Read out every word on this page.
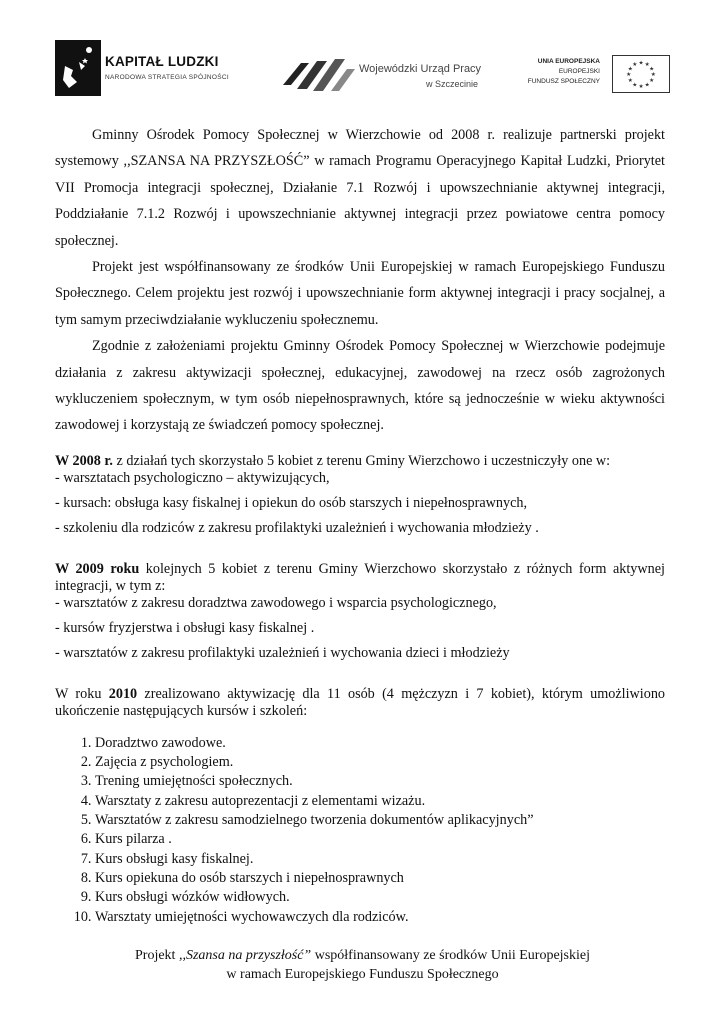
KAPITAŁ LUDZKI
NARODOWA STRATEGIA SPÓJNOŚCI
Wojewódzki Urząd Pracy
w Szczecinie
UNIA EUROPEJSKA
EUROPEJSKI
FUNDUSZ SPOŁECZNY
★ ★
★
★
★
★
★
★
★
★
★
★

Gminny Ośrodek Pomocy Społecznej w Wierzchowie od 2008 r. realizuje partnerski projekt systemowy ,,SZANSA NA PRZYSZŁOŚĆ” w ramach Programu Operacyjnego Kapitał Ludzki, Priorytet VII Promocja integracji społecznej, Działanie 7.1 Rozwój i upowszechnianie aktywnej integracji, Poddziałanie 7.1.2 Rozwój i upowszechnianie aktywnej integracji przez powiatowe centra pomocy społecznej.

Projekt jest współfinansowany ze środków Unii Europejskiej w ramach Europejskiego Funduszu Społecznego. Celem projektu jest rozwój i upowszechnianie form aktywnej integracji i pracy socjalnej, a tym samym przeciwdziałanie wykluczeniu społecznemu.

Zgodnie z założeniami projektu Gminny Ośrodek Pomocy Społecznej w Wierzchowie podejmuje działania z zakresu aktywizacji społecznej, edukacyjnej, zawodowej na rzecz osób zagrożonych wykluczeniem społecznym, w tym osób niepełnosprawnych, które są jednocześnie w wieku aktywności zawodowej i korzystają ze świadczeń pomocy społecznej.

W 2008 r. z działań tych skorzystało 5 kobiet z terenu Gminy Wierzchowo i uczestniczyły one w:

- warsztatach psychologiczno – aktywizujących,

- kursach: obsługa kasy fiskalnej i opiekun do osób starszych i niepełnosprawnych,

- szkoleniu dla rodziców z zakresu profilaktyki uzależnień i wychowania młodzieży .

W 2009 roku kolejnych 5 kobiet z terenu Gminy Wierzchowo skorzystało z różnych form aktywnej integracji, w tym z:

- warsztatów z zakresu doradztwa zawodowego i wsparcia psychologicznego,

- kursów fryzjerstwa i obsługi kasy fiskalnej .

- warsztatów z zakresu profilaktyki uzależnień i wychowania dzieci i młodzieży

W roku 2010 zrealizowano aktywizację dla 11 osób (4 mężczyzn i 7 kobiet), którym umożliwiono ukończenie następujących kursów i szkoleń:

1. Doradztwo zawodowe.
2. Zajęcia z psychologiem.
3. Trening umiejętności społecznych.
4. Warsztaty z zakresu autoprezentacji z elementami wizażu.
5. Warsztatów z zakresu samodzielnego tworzenia dokumentów aplikacyjnych”
6. Kurs pilarza .
7. Kurs obsługi kasy fiskalnej.
8. Kurs opiekuna do osób starszych i niepełnosprawnych
9. Kurs obsługi wózków widłowych.
10. Warsztaty umiejętności wychowawczych dla rodziców.
Projekt ,,Szansa na przyszłość” współfinansowany ze środków Unii Europejskiej
w ramach Europejskiego Funduszu Społecznego
